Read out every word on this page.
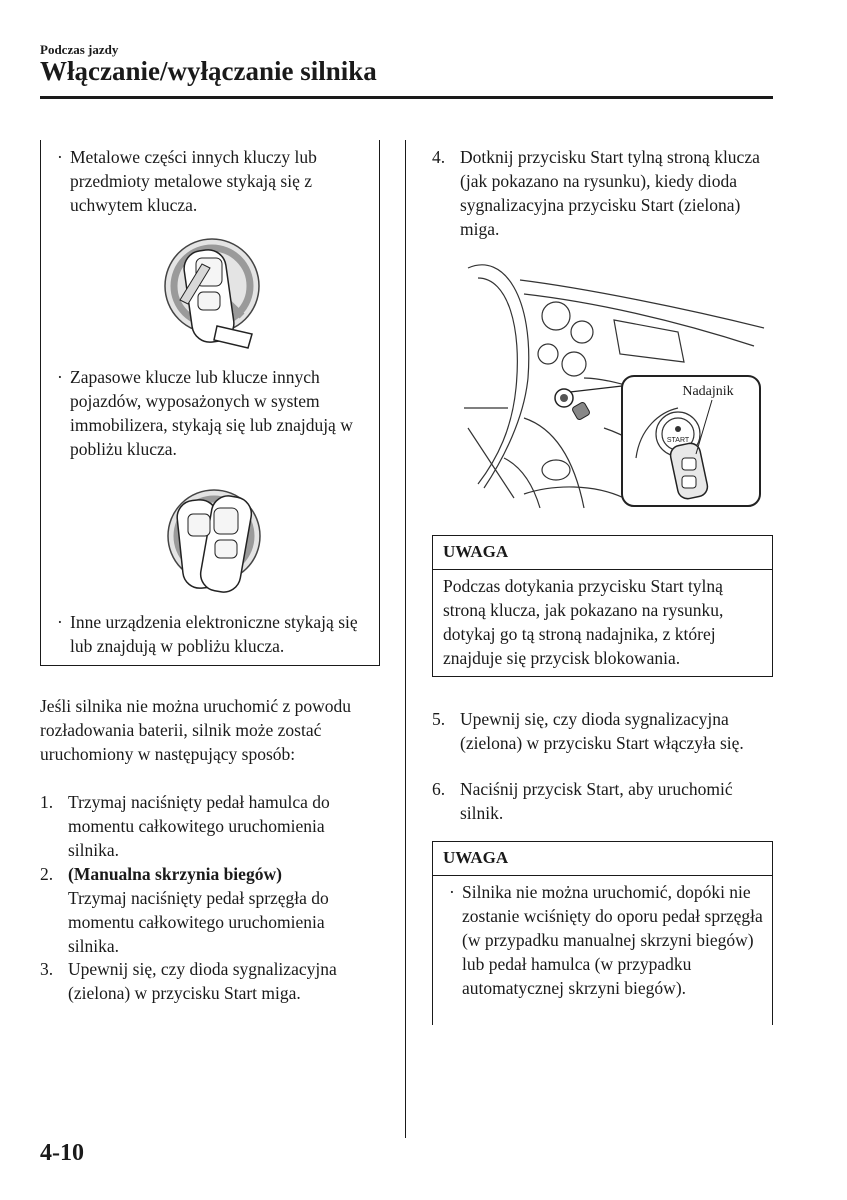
Podczas jazdy
Włączanie/wyłączanie silnika
· Metalowe części innych kluczy lub przedmioty metalowe stykają się z uchwytem klucza.
· Zapasowe klucze lub klucze innych pojazdów, wyposażonych w system immobilizera, stykają się lub znajdują w pobliżu klucza.
· Inne urządzenia elektroniczne stykają się lub znajdują w pobliżu klucza.
Jeśli silnika nie można uruchomić z powodu rozładowania baterii, silnik może zostać uruchomiony w następujący sposób:
1. Trzymaj naciśnięty pedał hamulca do momentu całkowitego uruchomienia silnika.
2. (Manualna skrzynia biegów)
Trzymaj naciśnięty pedał sprzęgła do momentu całkowitego uruchomienia silnika.
3. Upewnij się, czy dioda sygnalizacyjna (zielona) w przycisku Start miga.
4. Dotknij przycisku Start tylną stroną klucza (jak pokazano na rysunku), kiedy dioda sygnalizacyjna przycisku Start (zielona) miga.
START
Nadajnik
UWAGA
Podczas dotykania przycisku Start tylną stroną klucza, jak pokazano na rysunku, dotykaj go tą stroną nadajnika, z której znajduje się przycisk blokowania.
5. Upewnij się, czy dioda sygnalizacyjna (zielona) w przycisku Start włączyła się.
6. Naciśnij przycisk Start, aby uruchomić silnik.
UWAGA
· Silnika nie można uruchomić, dopóki nie zostanie wciśnięty do oporu pedał sprzęgła (w przypadku manualnej skrzyni biegów) lub pedał hamulca (w przypadku automatycznej skrzyni biegów).
4-10
